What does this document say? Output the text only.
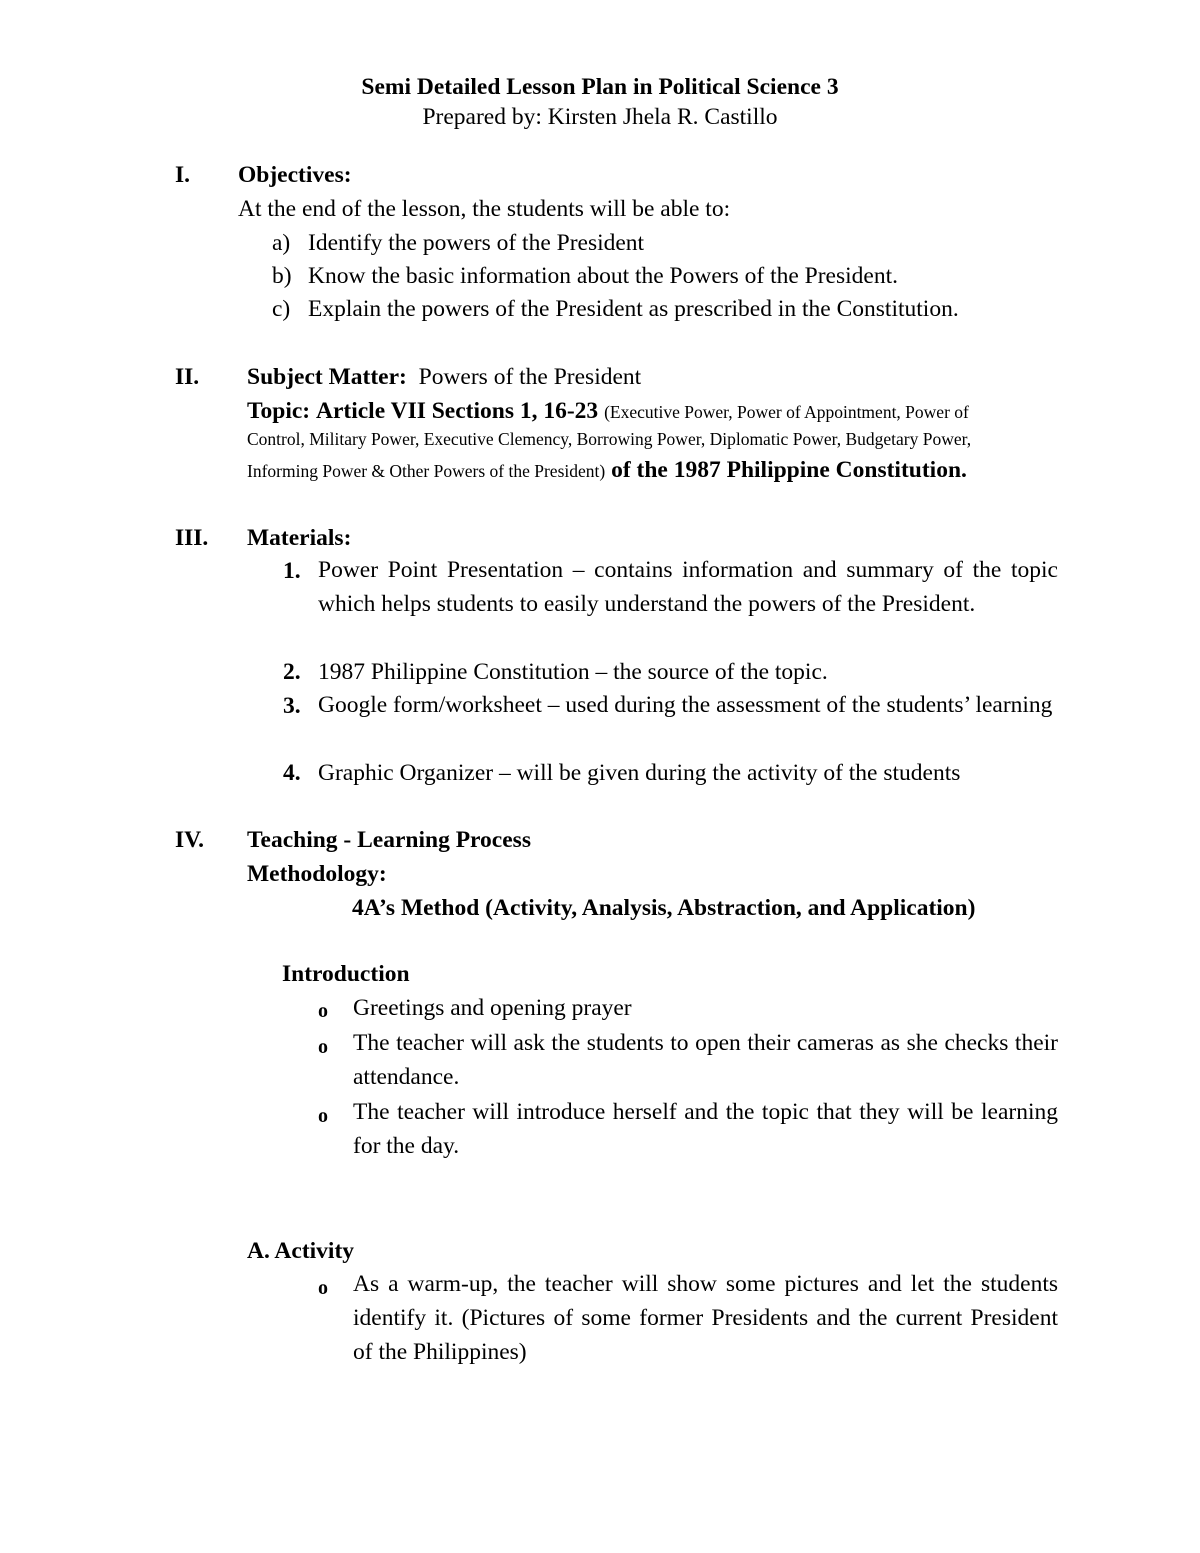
Semi Detailed Lesson Plan in Political Science 3
Prepared by: Kirsten Jhela R. Castillo
I. Objectives:
At the end of the lesson, the students will be able to:
a) Identify the powers of the President
b) Know the basic information about the Powers of the President.
c) Explain the powers of the President as prescribed in the Constitution.
II. Subject Matter: Powers of the President
Topic: Article VII Sections 1, 16-23 (Executive Power, Power of Appointment, Power of
Control, Military Power, Executive Clemency, Borrowing Power, Diplomatic Power, Budgetary Power,
Informing Power & Other Powers of the President) of the 1987 Philippine Constitution.
III. Materials:
1. Power Point Presentation – contains information and summary of the topic which helps students to easily understand the powers of the President.
2. 1987 Philippine Constitution – the source of the topic.
3. Google form/worksheet – used during the assessment of the students’ learning
4. Graphic Organizer – will be given during the activity of the students
IV. Teaching - Learning Process
Methodology:
4A’s Method (Activity, Analysis, Abstraction, and Application)
Introduction
o Greetings and opening prayer
o The teacher will ask the students to open their cameras as she checks their attendance.
o The teacher will introduce herself and the topic that they will be learning for the day.
A. Activity
o As a warm-up, the teacher will show some pictures and let the students identify it. (Pictures of some former Presidents and the current President of the Philippines)
